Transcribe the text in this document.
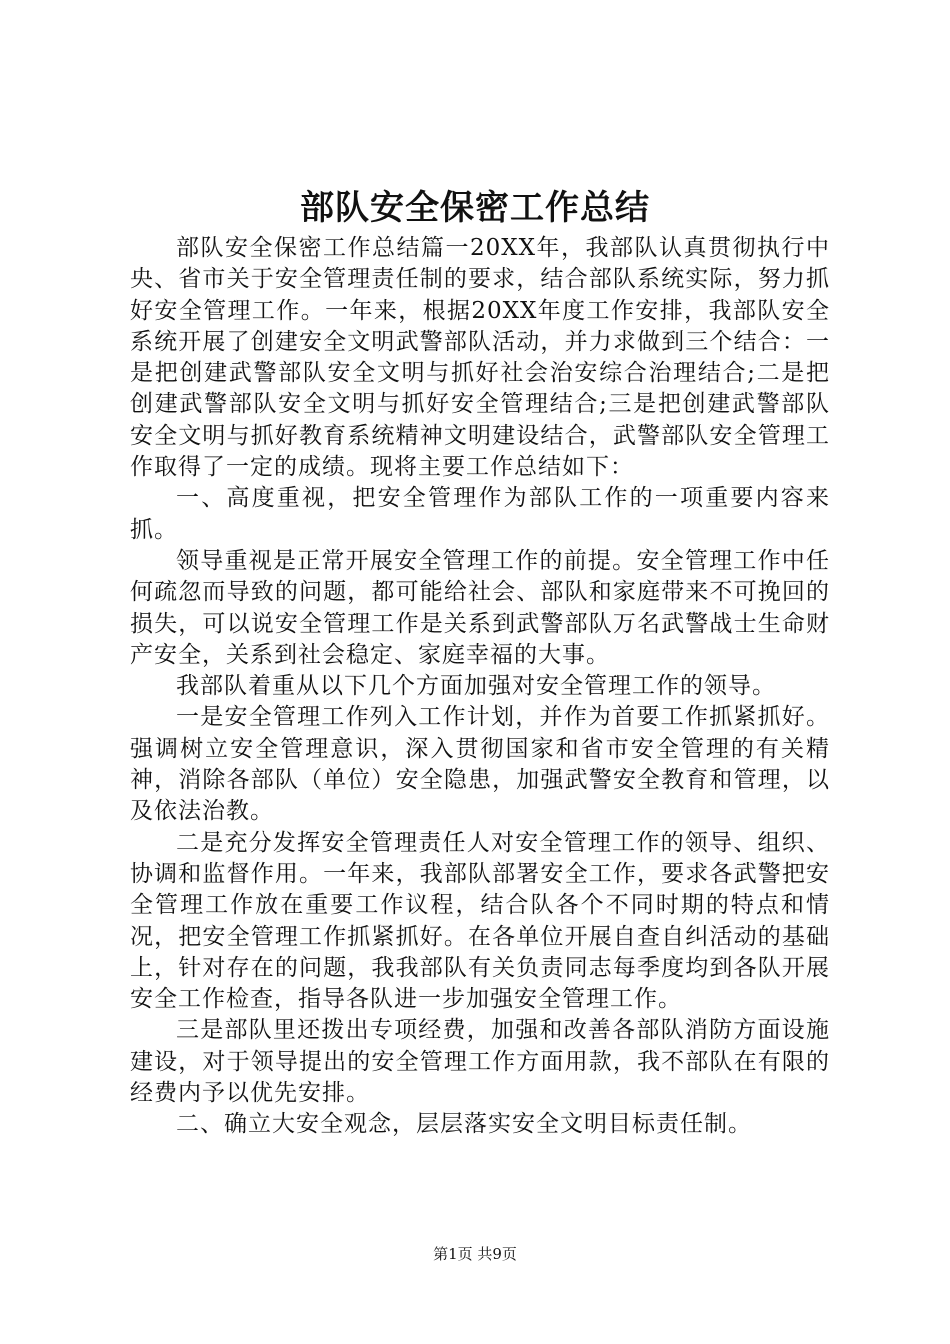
部队安全保密工作总结

部队安全保密工作总结篇一20XX年，我部队认真贯彻执行中央、省市关于安全管理责任制的要求，结合部队系统实际，努力抓好安全管理工作。一年来，根据20XX年度工作安排，我部队安全系统开展了创建安全文明武警部队活动，并力求做到三个结合：一是把创建武警部队安全文明与抓好社会治安综合治理结合;二是把创建武警部队安全文明与抓好安全管理结合;三是把创建武警部队安全文明与抓好教育系统精神文明建设结合，武警部队安全管理工作取得了一定的成绩。现将主要工作总结如下：

一、高度重视，把安全管理作为部队工作的一项重要内容来抓。

领导重视是正常开展安全管理工作的前提。安全管理工作中任何疏忽而导致的问题，都可能给社会、部队和家庭带来不可挽回的损失，可以说安全管理工作是关系到武警部队万名武警战士生命财产安全，关系到社会稳定、家庭幸福的大事。

我部队着重从以下几个方面加强对安全管理工作的领导。

一是安全管理工作列入工作计划，并作为首要工作抓紧抓好。强调树立安全管理意识，深入贯彻国家和省市安全管理的有关精神，消除各部队（单位）安全隐患，加强武警安全教育和管理，以及依法治教。

二是充分发挥安全管理责任人对安全管理工作的领导、组织、协调和监督作用。一年来，我部队部署安全工作，要求各武警把安全管理工作放在重要工作议程，结合队各个不同时期的特点和情况，把安全管理工作抓紧抓好。在各单位开展自查自纠活动的基础上，针对存在的问题，我我部队有关负责同志每季度均到各队开展安全工作检查，指导各队进一步加强安全管理工作。

三是部队里还拨出专项经费，加强和改善各部队消防方面设施建设，对于领导提出的安全管理工作方面用款，我不部队在有限的经费内予以优先安排。

二、确立大安全观念，层层落实安全文明目标责任制。

第1页 共9页
